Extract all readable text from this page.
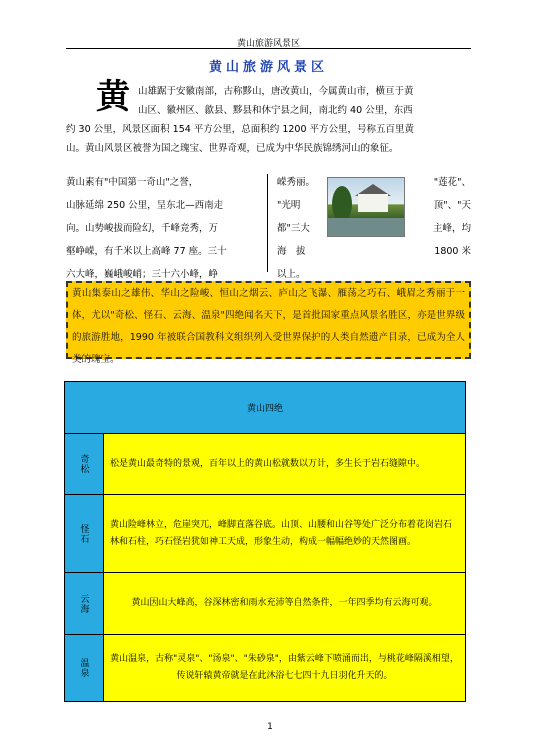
黄山旅游风景区
黄山旅游风景区
黄 山雄踞于安徽南部，古称黟山，唐改黄山，今属黄山市，横亘于黄
山区、徽州区、歙县、黟县和休宁县之间，南北约 40 公里，东西
约 30 公里，风景区面积 154 平方公里，总面积约 1200 平方公里，号称五百里黄
山。黄山风景区被誉为国之瑰宝、世界奇观，已成为中华民族锦绣河山的象征。
黄山素有"中国第一奇山"之誉，
山脉延绵 250 公里，呈东北—西南走
向。山势峻拔而险幻，千峰竞秀，万
壑峥嵘，有千米以上高峰 77 座。三十
六大峰，巍峨峻峭；三十六小峰，峥
嵘秀丽。	"莲花"、
"光明	顶"、"天
都"三大	主峰，均
海　拔	1800 米
以上。
黄山集泰山之雄伟、华山之险峻、恒山之烟云、庐山之飞瀑、雁荡之巧石、峨眉之秀丽于一体，尤以"奇松、怪石、云海、温泉"四绝闻名天下，是首批国家重点风景名胜区，亦是世界级的旅游胜地，1990 年被联合国教科文组织列入受世界保护的人类自然遗产目录，已成为全人类的瑰宝。
黄山四绝	
奇松	松是黄山最奇特的景观，百年以上的黄山松就数以万计，多生长于岩石缝隙中。
怪石	黄山险峰林立，危崖突兀，峰脚直落谷底。山顶、山腰和山谷等处广泛分布着花岗岩石林和石柱，巧石怪岩犹如神工天成，形象生动，构成一幅幅绝妙的天然图画。
云海	黄山因山大峰高，谷深林密和雨水充沛等自然条件，一年四季均有云海可观。
温泉	黄山温泉，古称"灵泉"、"汤泉"、"朱砂泉"，由紫云峰下喷涌而出，与桃花峰隔溪相望，传说轩辕黄帝就是在此沐浴七七四十九日羽化升天的。
1
